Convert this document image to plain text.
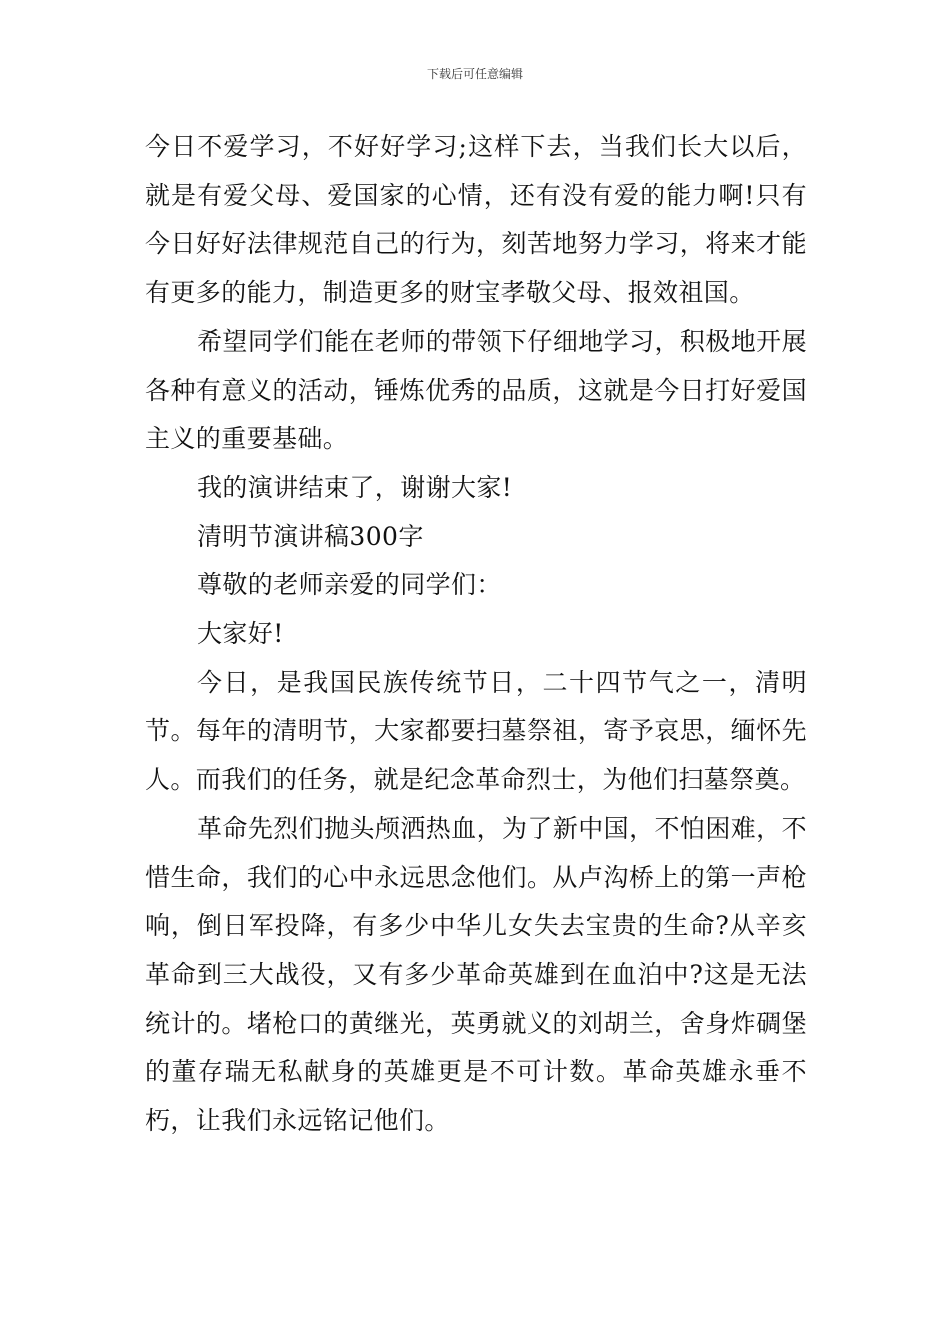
下载后可任意编辑

今日不爱学习，不好好学习;这样下去，当我们长大以后，就是有爱父母、爱国家的心情，还有没有爱的能力啊!只有今日好好法律规范自己的行为，刻苦地努力学习，将来才能有更多的能力，制造更多的财宝孝敬父母、报效祖国。

希望同学们能在老师的带领下仔细地学习，积极地开展各种有意义的活动，锤炼优秀的品质，这就是今日打好爱国主义的重要基础。

我的演讲结束了，谢谢大家!

清明节演讲稿300字

尊敬的老师亲爱的同学们：

大家好!

今日，是我国民族传统节日，二十四节气之一，清明节。每年的清明节，大家都要扫墓祭祖，寄予哀思，缅怀先人。而我们的任务，就是纪念革命烈士，为他们扫墓祭奠。

革命先烈们抛头颅洒热血，为了新中国，不怕困难，不惜生命，我们的心中永远思念他们。从卢沟桥上的第一声枪响，倒日军投降，有多少中华儿女失去宝贵的生命?从辛亥革命到三大战役，又有多少革命英雄到在血泊中?这是无法统计的。堵枪口的黄继光，英勇就义的刘胡兰，舍身炸碉堡的董存瑞无私献身的英雄更是不可计数。革命英雄永垂不朽，让我们永远铭记他们。
